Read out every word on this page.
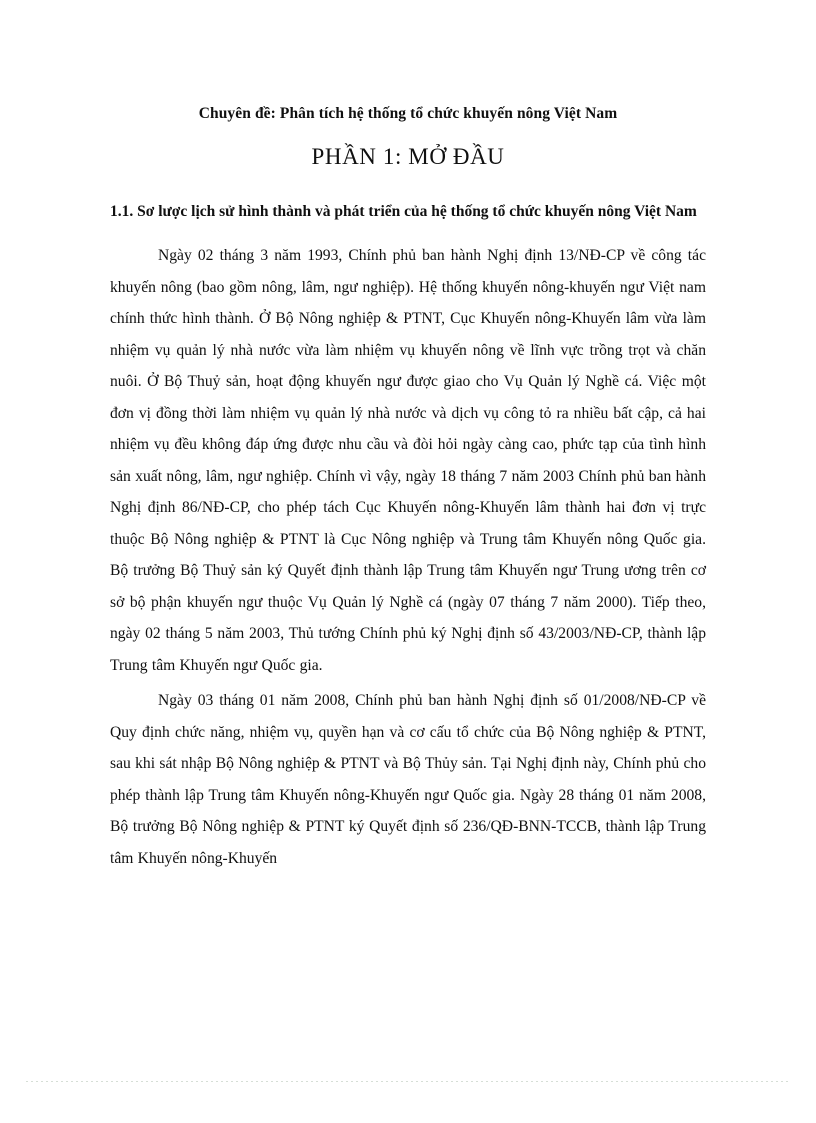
Chuyên đề: Phân tích hệ thống tổ chức khuyến nông Việt Nam
PHẦN 1: MỞ ĐẦU
1.1. Sơ lược lịch sử hình thành và phát triển của hệ thống tổ chức khuyến nông Việt Nam

Ngày 02 tháng 3 năm 1993, Chính phủ ban hành Nghị định 13/NĐ-CP về công tác khuyến nông (bao gồm nông, lâm, ngư nghiệp). Hệ thống khuyến nông-khuyến ngư Việt nam chính thức hình thành. Ở Bộ Nông nghiệp & PTNT, Cục Khuyến nông-Khuyến lâm vừa làm nhiệm vụ quản lý nhà nước vừa làm nhiệm vụ khuyến nông về lĩnh vực trồng trọt và chăn nuôi. Ở Bộ Thuỷ sản, hoạt động khuyến ngư được giao cho Vụ Quản lý Nghề cá. Việc một đơn vị đồng thời làm nhiệm vụ quản lý nhà nước và dịch vụ công tỏ ra nhiều bất cập, cả hai nhiệm vụ đều không đáp ứng được nhu cầu và đòi hỏi ngày càng cao, phức tạp của tình hình sản xuất nông, lâm, ngư nghiệp. Chính vì vậy, ngày 18 tháng 7 năm 2003 Chính phủ ban hành Nghị định 86/NĐ-CP, cho phép tách Cục Khuyến nông-Khuyến lâm thành hai đơn vị trực thuộc Bộ Nông nghiệp & PTNT là Cục Nông nghiệp và Trung tâm Khuyến nông Quốc gia. Bộ trưởng Bộ Thuỷ sản ký Quyết định thành lập Trung tâm Khuyến ngư Trung ương trên cơ sở bộ phận khuyến ngư thuộc Vụ Quản lý Nghề cá (ngày 07 tháng 7 năm 2000). Tiếp theo, ngày 02 tháng 5 năm 2003, Thủ tướng Chính phủ ký Nghị định số 43/2003/NĐ-CP, thành lập Trung tâm Khuyến ngư Quốc gia.

Ngày 03 tháng 01 năm 2008, Chính phủ ban hành Nghị định số 01/2008/NĐ-CP về Quy định chức năng, nhiệm vụ, quyền hạn và cơ cấu tổ chức của Bộ Nông nghiệp & PTNT, sau khi sát nhập Bộ Nông nghiệp & PTNT và Bộ Thủy sản. Tại Nghị định này, Chính phủ cho phép thành lập Trung tâm Khuyến nông-Khuyến ngư Quốc gia. Ngày 28 tháng 01 năm 2008, Bộ trưởng Bộ Nông nghiệp & PTNT ký Quyết định số 236/QĐ-BNN-TCCB, thành lập Trung tâm Khuyến nông-Khuyến
